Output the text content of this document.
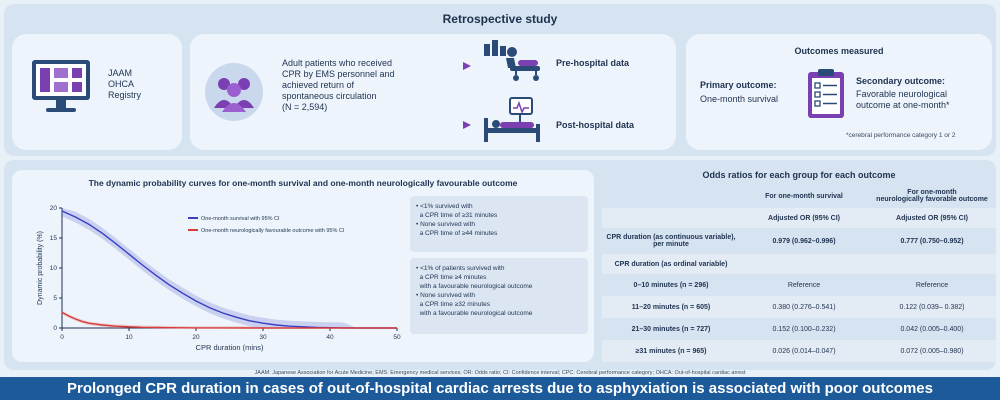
Retrospective study
JAAM
OHCA
Registry
Adult patients who received
CPR by EMS personnel and
achieved return of
spontaneous circulation
(N = 2,594)
Pre-hospital data
Post-hospital data
Outcomes measured
Primary outcome:
One-month survival
Secondary outcome:
Favorable neurological
outcome at one-month*
*cerebral performance category 1 or 2
The dynamic probability curves for one-month survival and one-month neurologically favourable outcome
0	10	20	30	40	50
0
5
10
15
20
CPR duration (mins)
Dynamic probability (%)
One-month survival with 95% CI
One-month neurologically favourable outcome with 95% CI
• <1% survived with
a CPR time of ≥31 minutes
• None survived with
a CPR time of ≥44 minutes
• <1% of patients survived with
a CPR time ≥4 minutes
with a favourable neurological outcome
• None survived with
a CPR time ≥32 minutes
with a favourable neurological outcome
Odds ratios for each group for each outcome
	For one-month survival	For one-month
neurologically favorable outcome

	Adjusted OR (95% CI)	Adjusted OR (95% CI)
CPR duration (as continuous variable), per minute	0.979 (0.962–0.996)	0.777 (0.750–0.952)
CPR duration (as ordinal variable)		
0–10 minutes (n = 296)	Reference	Reference
11–20 minutes (n = 605)	0.380 (0.276–0.541)	0.122 (0.039– 0.382)
21–30 minutes (n = 727)	0.152 (0.100–0.232)	0.042 (0.005–0.400)
≥31 minutes (n = 965)	0.026 (0.014–0.047)	0.072 (0.005–0.980)
JAAM: Japanese Association for Acute Medicine; EMS: Emergency medical services; OR: Odds ratio; CI: Confidence interval; CPC: Cerebral performance category; OHCA: Out-of-hospital cardiac arrest
Prolonged CPR duration in cases of out-of-hospital cardiac arrests due to asphyxiation is associated with poor outcomes
